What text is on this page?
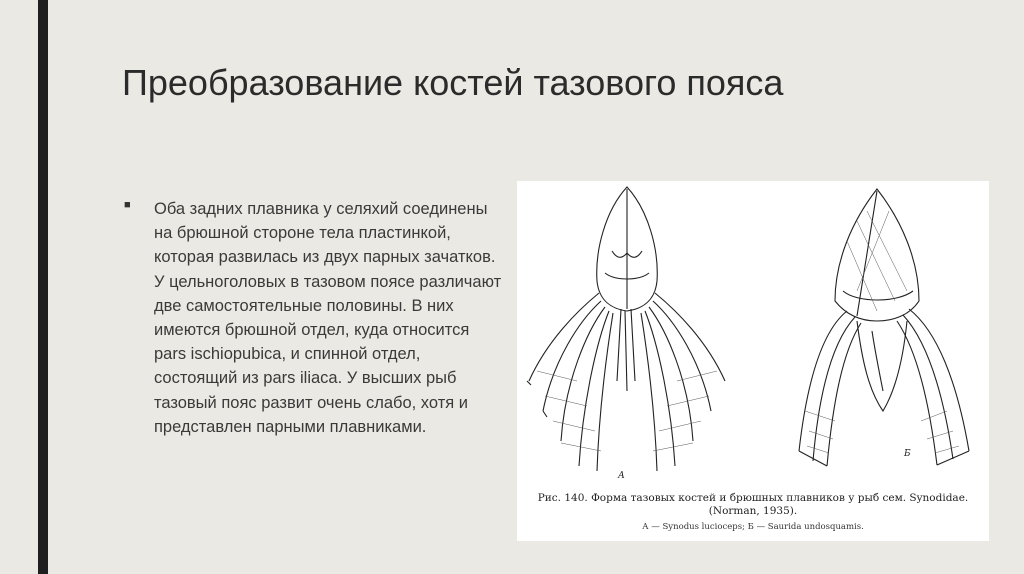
Преобразование костей тазового пояса
■ Оба задних плавника у селяхий соединены на брюшной стороне тела пластинкой, которая развилась из двух парных зачатков. У цельноголовых в тазовом поясе различают две самостоятельные половины. В них имеются брюшной отдел, куда относится pars ischiopubica, и спинной отдел, состоящий из pars iliaca. У высших рыб тазовый пояс развит очень слабо, хотя и представлен парными плавниками.
А
Б
Рис. 140. Форма тазовых костей и брюшных плавников у рыб сем. Synodidae. (Norman, 1935).
А — Synodus lucioceps; Б — Saurida undosquamis.
